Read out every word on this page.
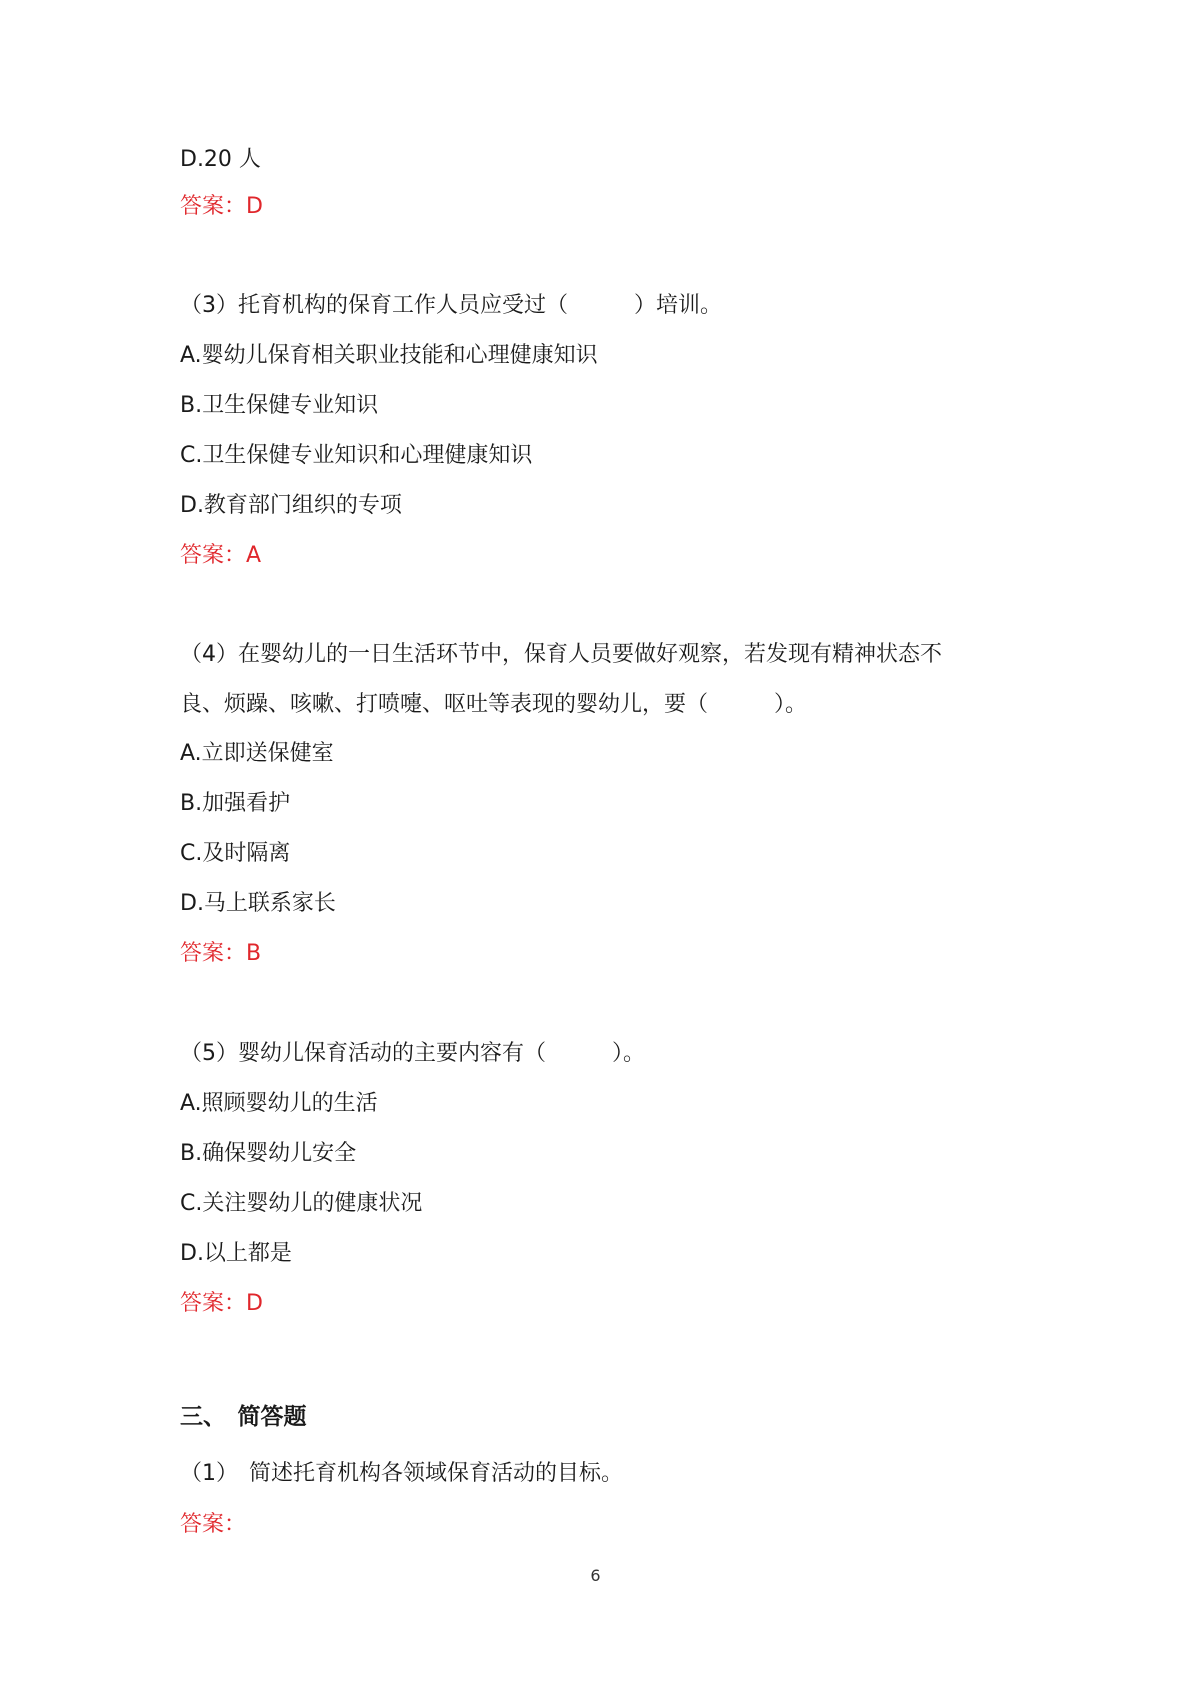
D.20 人
答案：D
（3）托育机构的保育工作人员应受过（　　　）培训。
A.婴幼儿保育相关职业技能和心理健康知识
B.卫生保健专业知识
C.卫生保健专业知识和心理健康知识
D.教育部门组织的专项
答案：A
（4）在婴幼儿的一日生活环节中，保育人员要做好观察，若发现有精神状态不
良、烦躁、咳嗽、打喷嚏、呕吐等表现的婴幼儿，要（　　　）。
A.立即送保健室
B.加强看护
C.及时隔离
D.马上联系家长
答案：B
（5）婴幼儿保育活动的主要内容有（　　　）。
A.照顾婴幼儿的生活
B.确保婴幼儿安全
C.关注婴幼儿的健康状况
D.以上都是
答案：D
三、　简答题
（1）　简述托育机构各领域保育活动的目标。
答案：
6
